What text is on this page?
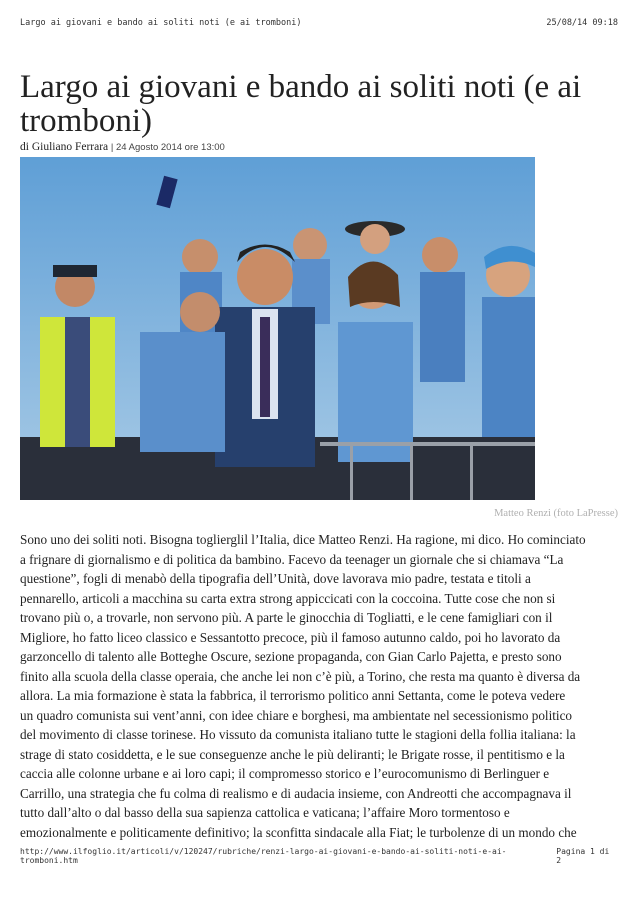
Largo ai giovani e bando ai soliti noti (e ai tromboni)	25/08/14 09:18
Largo ai giovani e bando ai soliti noti (e ai tromboni)
di Giuliano Ferrara | 24 Agosto 2014 ore 13:00
Matteo Renzi (foto LaPresse)

Sono uno dei soliti noti. Bisogna toglierglil l’Italia, dice Matteo Renzi. Ha ragione, mi dico. Ho cominciato
a frignare di giornalismo e di politica da bambino. Facevo da teenager un giornale che si chiamava “La
questione”, fogli di menabò della tipografia dell’Unità, dove lavorava mio padre, testata e titoli a
pennarello, articoli a macchina su carta extra strong appiccicati con la coccoina. Tutte cose che non si
trovano più o, a trovarle, non servono più. A parte le ginocchia di Togliatti, e le cene famigliari con il
Migliore, ho fatto liceo classico e Sessantotto precoce, più il famoso autunno caldo, poi ho lavorato da
garzoncello di talento alle Botteghe Oscure, sezione propaganda, con Gian Carlo Pajetta, e presto sono
finito alla scuola della classe operaia, che anche lei non c’è più, a Torino, che resta ma quanto è diversa da
allora. La mia formazione è stata la fabbrica, il terrorismo politico anni Settanta, come le poteva vedere
un quadro comunista sui vent’anni, con idee chiare e borghesi, ma ambientate nel secessionismo politico
del movimento di classe torinese. Ho vissuto da comunista italiano tutte le stagioni della follia italiana: la
strage di stato cosiddetta, e le sue conseguenze anche le più deliranti; le Brigate rosse, il pentitismo e la
caccia alle colonne urbane e ai loro capi; il compromesso storico e l’eurocomunismo di Berlinguer e
Carrillo, una strategia che fu colma di realismo e di audacia insieme, con Andreotti che accompagnava il
tutto dall’alto o dal basso della sua sapienza cattolica e vaticana; l’affaire Moro tormentoso e
emozionalmente e politicamente definitivo; la sconfitta sindacale alla Fiat; le turbolenze di un mondo che

http://www.ilfoglio.it/articoli/v/120247/rubriche/renzi-largo-ai-giovani-e-bando-ai-soliti-noti-e-ai-tromboni.htm
Pagina 1 di 2
